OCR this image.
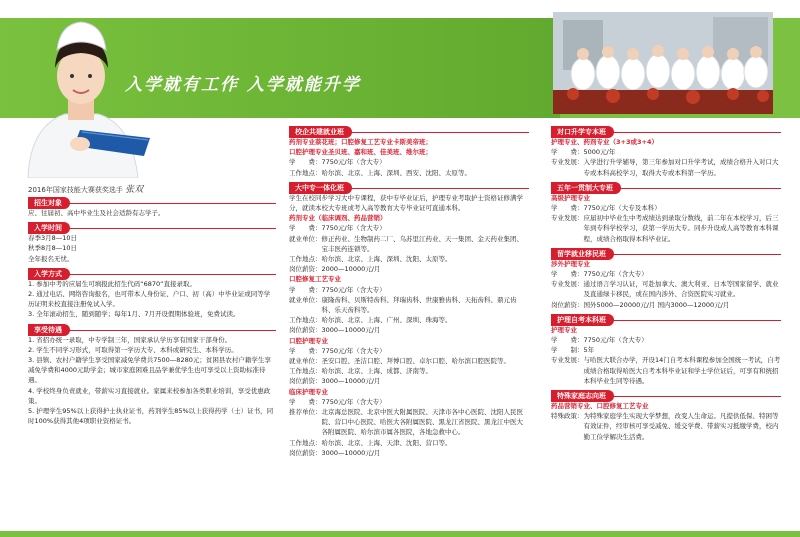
入学就有工作 入学就能升学
2016年国家技能大赛获奖选手 张双
招生对象

应、往届初、高中毕业生及社会适龄有志学子。

入学时间

春季3月8—10日

秋季8月8—10日

全年报名无忧。

入学方式

1. 参加中考的应届生可填报此招生代码“6870”直接录取。

2. 通过电话、网络咨询报名，也可带本人身份证、户口、初（高）中毕业证或同等学历证明来校直接注册免试入学。

3. 全年滚动招生，随到随学；每年1月、7月开设假期体验班，免费试读。

享受待遇

1. 省招办统一录取，中专学制三年，国家承认学历享有国家干部身份。

2. 学生不同学习形式，可取得第一学历大专、本科或研究生、本科学历。

3. 县镇、农村户籍学生享受国家减免学费共7500—8280元；贫困县农村户籍学生享减免学费和4000元助学金；城市家庭困难且品学兼优学生也可享受以上资助标准待遇。

4. 学校终身负责就业，带薪实习直接就业。家属来校参加各类职业培训，享受优惠政策。

5. 护理学生95%以上获得护士执业证书，药剂学生85%以上获得药学（士）证书，同时100%获得其他4项职业资格证书。

校企共建就业班

药剂专业萘花班；口腔修复工艺专业卡斯美帝班；

口腔护理专业圣贝班、嘉和班、佳美班、维尔班；

学　　费： 7750元/年（含大专）
工作地点： 哈尔滨、北京、上海、深圳、西安、沈阳、太原等。
大中专一体化班

学生在校同步学习大中专课程，获中专毕业证后，护理专业考取护士资格证修满学分，就读本校大专班或考入高等教育大专毕业证可直通本科。

药剂专业（临床调剂、药品营销）

学　　费： 7750元/年（含大专）
就业单位： 修正药业、生物制药二厂、乌苏里江药业、天一集团、金天药业集团、宝丰医药连锁等。
工作地点： 哈尔滨、北京、上海、深圳、沈阳、太原等。
岗位薪资： 2000—10000元/月

口腔修复工艺专业

学　　费： 7750元/年（含大专）
就业单位： 康隆齿科、贝斯特齿科、拜瑞齿科、世康雅齿科、天拓齿科、鼎元齿科、乐天齿科等。
工作地点： 哈尔滨、北京、上海、广州、深圳、珠海等。
岗位薪资： 3000—10000元/月

口腔护理专业

学　　费： 7750元/年（含大专）
就业单位： 圣安口腔、圣洁口腔、拜博口腔、卓尔口腔、哈尔滨口腔医院等。
工作地点： 哈尔滨、北京、上海、成都、济南等。
岗位薪资： 3000—10000元/月

临床护理专业

学　　费： 7750元/年（含大专）
推荐单位： 北京海总医院、北京中医大附属医院、天津市各中心医院、沈阳人民医院、营口中心医院、哈医大各附属医院、黑龙江省医院、黑龙江中医大各附属医院、哈尔滨市属各医院，各地急救中心。
工作地点： 哈尔滨、北京、上海、天津、沈阳、营口等。
岗位薪资： 3000—10000元/月
对口升学专本班

护理专业、药剂专业（3+3或3+4）

学　　费： 5000元/年
专业发展： 入学进行升学辅导，第三年参加对口升学考试，成绩合格升入对口大专或本科高校学习，取得大专或本科第一学历。
五年一贯制大专班

高级护理专业

学　　费： 7750元/年（大专及本科）
专业发展： 应届初中毕业生中考成绩达到录取分数线，前二年在本校学习，后三年到专科学校学习，获第一学历大专。同步升设成人高等教育本科课程，成绩合格取得本科毕业证。
留学就业移民班

涉外护理专业

学　　费： 7750元/年（含大专）
专业发展： 通过语言学习认证，可赴加拿大、澳大利亚、日本等国家留学、就业及直通绿卡移民，或在国内涉外、合资医院实习就业。
岗位薪资： 国外5000—20000元/月 国内3000—12000元/月
护理自考本科班

护理专业

学　　费： 7750元/年（含大专）
学　　制： 5年
专业发展： 与哈医大联合办学，开设14门自考本科课程参加全国统一考试，自考成绩合格取得哈医大自考本科毕业证和学士学位证后，可享有和统招本科毕业生同等待遇。
特殊家庭志向班

药品营销专业、口腔修复工艺专业

特殊政策： 为特殊家庭学生实现大学梦想，改变人生命运。凡提供低保、特困等有效证件，经审核可享受减免、缓交学费、带薪实习抵缴学费，校内勤工俭学解决生活费。
